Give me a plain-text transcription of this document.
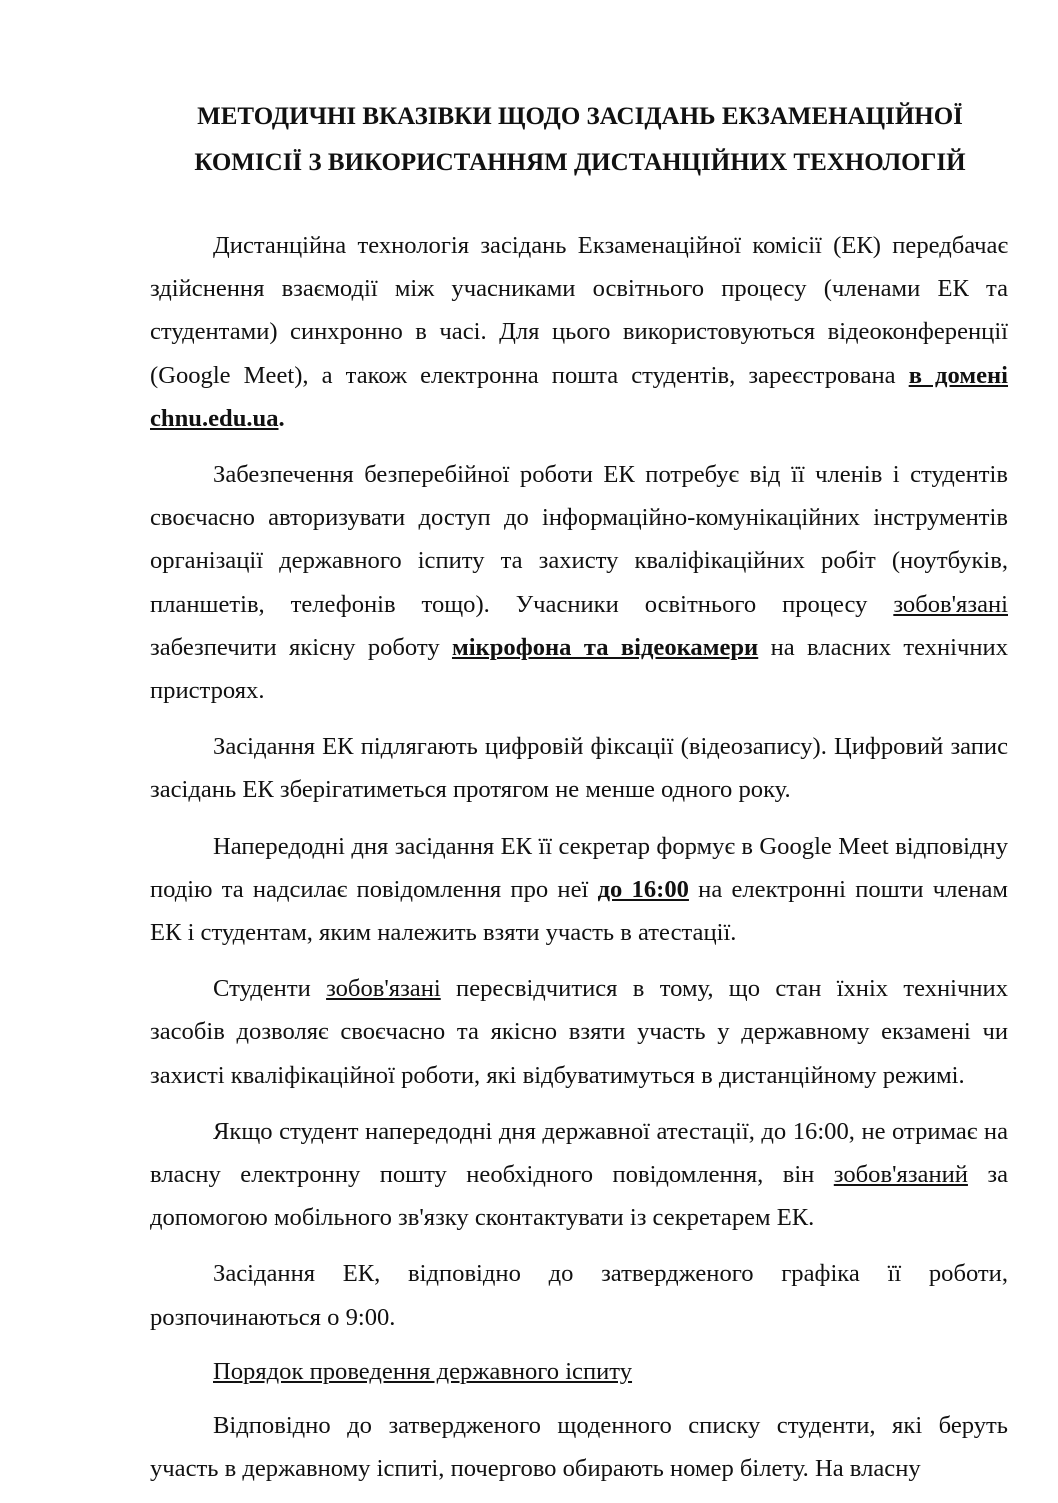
МЕТОДИЧНІ ВКАЗІВКИ ЩОДО ЗАСІДАНЬ ЕКЗАМЕНАЦІЙНОЇ
КОМІСІЇ З ВИКОРИСТАННЯМ ДИСТАНЦІЙНИХ ТЕХНОЛОГІЙ

Дистанційна технологія засідань Екзаменаційної комісії (ЕК) передбачає здійснення взаємодії між учасниками освітнього процесу (членами ЕК та студентами) синхронно в часі. Для цього використовуються відеоконференції (Google Meet), а також електронна пошта студентів, зареєстрована в домені chnu.edu.ua.

Забезпечення безперебійної роботи ЕК потребує від її членів і студентів своєчасно авторизувати доступ до інформаційно-комунікаційних інструментів організації державного іспиту та захисту кваліфікаційних робіт (ноутбуків, планшетів, телефонів тощо). Учасники освітнього процесу зобов'язані забезпечити якісну роботу мікрофона та відеокамери на власних технічних пристроях.

Засідання ЕК підлягають цифровій фіксації (відеозапису). Цифровий запис засідань ЕК зберігатиметься протягом не менше одного року.

Напередодні дня засідання ЕК її секретар формує в Google Meet відповідну подію та надсилає повідомлення про неї до 16:00 на електронні пошти членам ЕК і студентам, яким належить взяти участь в атестації.

Студенти зобов'язані пересвідчитися в тому, що стан їхніх технічних засобів дозволяє своєчасно та якісно взяти участь у державному екзамені чи захисті кваліфікаційної роботи, які відбуватимуться в дистанційному режимі.

Якщо студент напередодні дня державної атестації, до 16:00, не отримає на власну електронну пошту необхідного повідомлення, він зобов'язаний за допомогою мобільного зв'язку сконтактувати із секретарем ЕК.

Засідання ЕК, відповідно до затвердженого графіка її роботи, розпочинаються о 9:00.

Порядок проведення державного іспиту

Відповідно до затвердженого щоденного списку студенти, які беруть участь в державному іспиті, почергово обирають номер білету. На власну
